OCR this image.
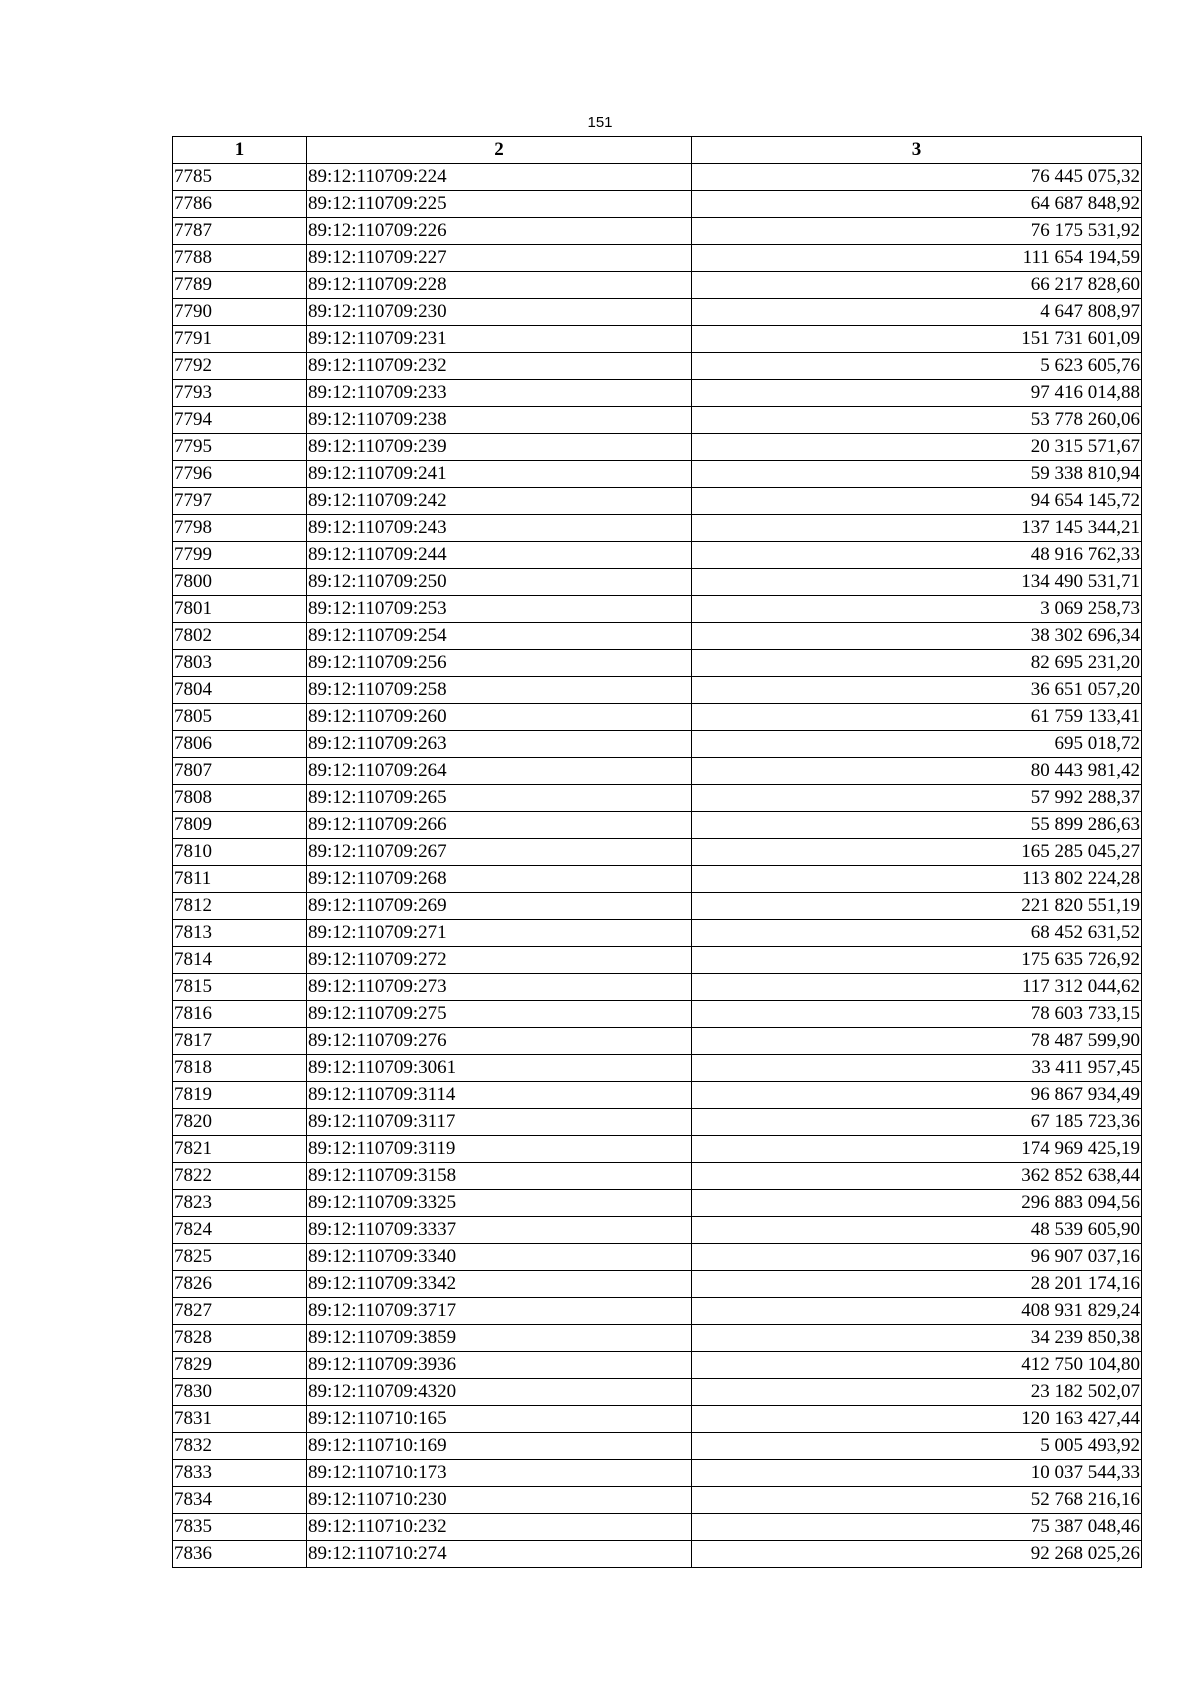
151
1	2	3
7785	89:12:110709:224	76 445 075,32
7786	89:12:110709:225	64 687 848,92
7787	89:12:110709:226	76 175 531,92
7788	89:12:110709:227	111 654 194,59
7789	89:12:110709:228	66 217 828,60
7790	89:12:110709:230	4 647 808,97
7791	89:12:110709:231	151 731 601,09
7792	89:12:110709:232	5 623 605,76
7793	89:12:110709:233	97 416 014,88
7794	89:12:110709:238	53 778 260,06
7795	89:12:110709:239	20 315 571,67
7796	89:12:110709:241	59 338 810,94
7797	89:12:110709:242	94 654 145,72
7798	89:12:110709:243	137 145 344,21
7799	89:12:110709:244	48 916 762,33
7800	89:12:110709:250	134 490 531,71
7801	89:12:110709:253	3 069 258,73
7802	89:12:110709:254	38 302 696,34
7803	89:12:110709:256	82 695 231,20
7804	89:12:110709:258	36 651 057,20
7805	89:12:110709:260	61 759 133,41
7806	89:12:110709:263	695 018,72
7807	89:12:110709:264	80 443 981,42
7808	89:12:110709:265	57 992 288,37
7809	89:12:110709:266	55 899 286,63
7810	89:12:110709:267	165 285 045,27
7811	89:12:110709:268	113 802 224,28
7812	89:12:110709:269	221 820 551,19
7813	89:12:110709:271	68 452 631,52
7814	89:12:110709:272	175 635 726,92
7815	89:12:110709:273	117 312 044,62
7816	89:12:110709:275	78 603 733,15
7817	89:12:110709:276	78 487 599,90
7818	89:12:110709:3061	33 411 957,45
7819	89:12:110709:3114	96 867 934,49
7820	89:12:110709:3117	67 185 723,36
7821	89:12:110709:3119	174 969 425,19
7822	89:12:110709:3158	362 852 638,44
7823	89:12:110709:3325	296 883 094,56
7824	89:12:110709:3337	48 539 605,90
7825	89:12:110709:3340	96 907 037,16
7826	89:12:110709:3342	28 201 174,16
7827	89:12:110709:3717	408 931 829,24
7828	89:12:110709:3859	34 239 850,38
7829	89:12:110709:3936	412 750 104,80
7830	89:12:110709:4320	23 182 502,07
7831	89:12:110710:165	120 163 427,44
7832	89:12:110710:169	5 005 493,92
7833	89:12:110710:173	10 037 544,33
7834	89:12:110710:230	52 768 216,16
7835	89:12:110710:232	75 387 048,46
7836	89:12:110710:274	92 268 025,26
